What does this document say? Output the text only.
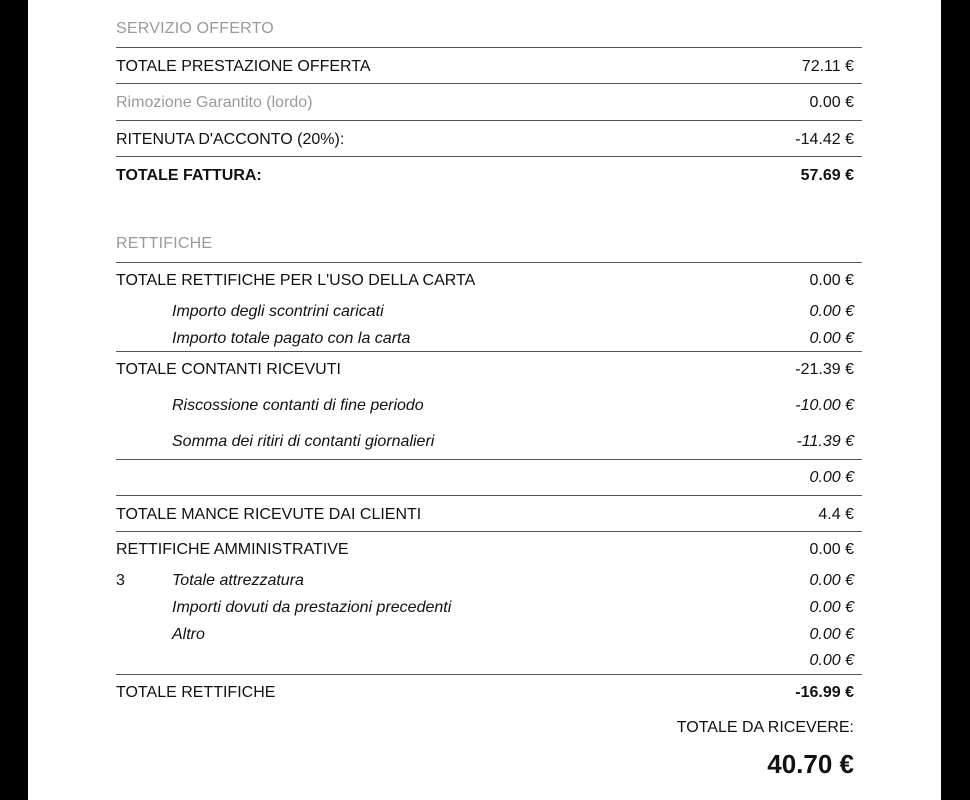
SERVIZIO OFFERTO
TOTALE PRESTAZIONE OFFERTA	72.11 €
Rimozione Garantito (lordo)	0.00 €
RITENUTA D'ACCONTO (20%):	-14.42 €
TOTALE FATTURA:	57.69 €
RETTIFICHE
TOTALE RETTIFICHE PER L'USO DELLA CARTA	0.00 €
Importo degli scontrini caricati	0.00 €
Importo totale pagato con la carta	0.00 €
TOTALE CONTANTI RICEVUTI	-21.39 €
Riscossione contanti di fine periodo	-10.00 €
Somma dei ritiri di contanti giornalieri	-11.39 €
0.00 €
TOTALE MANCE RICEVUTE DAI CLIENTI	4.4 €
RETTIFICHE AMMINISTRATIVE	0.00 €
3	Totale attrezzatura	0.00 €
Importi dovuti da prestazioni precedenti	0.00 €
Altro	0.00 €
0.00 €
TOTALE RETTIFICHE	-16.99 €
TOTALE DA RICEVERE:
40.70 €
